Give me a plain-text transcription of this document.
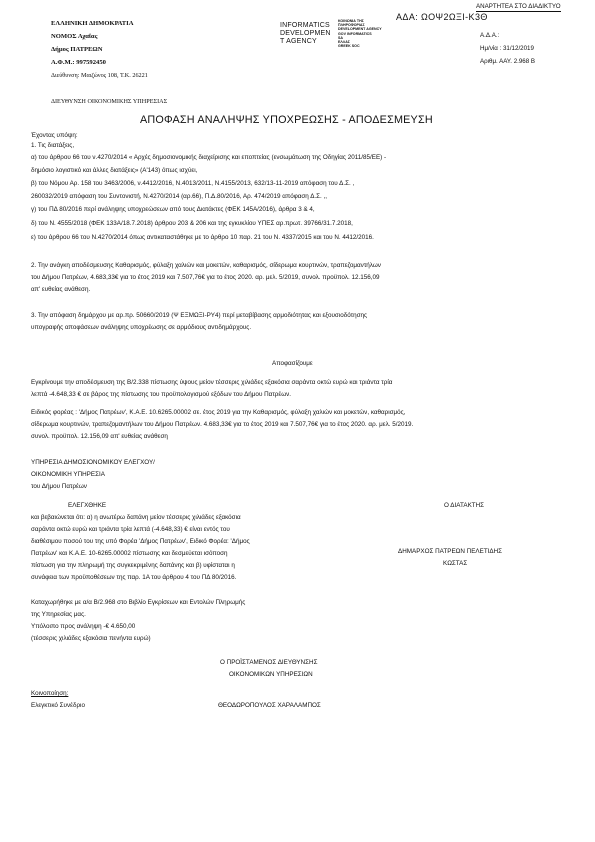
ΑΝΑΡΤΗΤΕΑ ΣΤΟ ΔΙΑΔΙΚΤΥΟ
ΑΔΑ: ΩΟΨ2ΩΞΙ-Κ3Θ
Α.Δ.Α.:
Ημ/νία : 31/12/2019
Αριθμ. ΑΑΥ. 2.968 Β
ΕΛΛΗΝΙΚΗ ΔΗΜΟΚΡΑΤΙΑ
ΝΟΜΟΣ Αχαΐας
Δήμος ΠΑΤΡΕΩΝ
Α.Φ.Μ.: 997592450
Διεύθυνση: Μαιζώνος 108, Τ.Κ. 26221
ΔΙΕΥΘΥΝΣΗ ΟΙΚΟΝΟΜΙΚΗΣ ΥΠΗΡΕΣΙΑΣ
INFORMATICS
DEVELOPMEN
T AGENCY
ΚΟΙΝΩΝΙΑ ΤΗΣ
ΠΛΗΡΟΦΟΡΙΑΣ
DEVELOPMENT AGENCY
GOV INFORMATICS
SA
ΕΛΛΑΣ
GREEK SOC
ΑΠΟΦΑΣΗ ΑΝΑΛΗΨΗΣ ΥΠΟΧΡΕΩΣΗΣ - ΑΠΟΔΕΣΜΕΥΣΗ
Έχοντας υπόψη:
1. Τις διατάξεις,
α) του άρθρου 66 του ν.4270/2014 « Αρχές δημοσιονομικής διαχείρισης και εποπτείας (ενσωμάτωση της Οδηγίας 2011/85/ΕΕ) -
δημόσιο λογιστικό και άλλες διατάξεις» (Α'143) όπως ισχύει,
β) του Νόμου Αρ. 158 του 3463/2006, ν.4412/2016, Ν.4013/2011, Ν.4155/2013, 632/13-11-2019 απόφαση του Δ.Σ. ,
260032/2019 απόφαση του Συντονιστή, Ν.4270/2014 (αρ.66), Π.Δ.80/2016, Αρ. 474/2019 απόφαση Δ.Σ. ,,
γ) του ΠΔ 80/2016 περί ανάληψης υποχρεώσεων από τους Διατάκτες (ΦΕΚ 145Α/2016), άρθρα 3 & 4,
δ) του Ν. 4555/2018 (ΦΕΚ 133Α/18.7.2018) άρθρου 203 & 206 και της εγκυκλίου ΥΠΕΣ αρ.πρωτ. 39766/31.7.2018,
ε) του άρθρου 66 του Ν.4270/2014 όπως αντικαταστάθηκε με το άρθρο 10 παρ. 21 του Ν. 4337/2015 και του Ν. 4412/2016.
2. Την ανάγκη αποδέσμευσης Καθαρισμός, φύλαξη χαλιών και μοκετών, καθαρισμός, σίδερωμα κουρτινών, τραπεζομαντήλων
του Δήμου Πατρέων, 4.683,33€ για το έτος 2019 και 7.507,76€ για το έτος 2020. αρ. μελ. 5/2019, συνολ. προϋπολ. 12.156,09
απ' ευθείας ανάθεση.
3. Την απόφαση δημάρχου με αρ.πρ. 50660/2019 (Ψ ΕΞΜΩΞΙ-ΡΥ4) περί μεταβίβασης αρμοδιότητας και εξουσιοδότησης
υπογραφής αποφάσεων ανάληψης υποχρέωσης σε αρμόδιους αντιδημάρχους.
Αποφασίζουμε
Εγκρίνουμε την αποδέσμευση της Β/2.338 πίστωσης ύψους μείον τέσσερις χιλιάδες εξακόσια σαράντα οκτώ ευρώ και τριάντα τρία
λεπτά -4.648,33 € σε βάρος της πίστωσης του προϋπολογισμού εξόδων του Δήμου Πατρέων.
Ειδικός φορέας : 'Δήμος Πατρέων', Κ.Α.Ε. 10.6265.00002 σε. έτος 2019 για την Καθαρισμός, φύλαξη χαλιών και μοκετών, καθαρισμός,
σίδερωμα κουρτινών, τραπεζομαντήλων του Δήμου Πατρέων. 4.683,33€ για το έτος 2019 και 7.507,76€ για το έτος 2020. αρ. μελ. 5/2019.
συνολ. προϋπολ. 12.156,09 απ' ευθείας ανάθεση
ΥΠΗΡΕΣΙΑ ΔΗΜΟΣΙΟΝΟΜΙΚΟΥ ΕΛΕΓΧΟΥ/
ΟΙΚΟΝΟΜΙΚΗ ΥΠΗΡΕΣΙΑ
του Δήμου Πατρέων
ΕΛΕΓΧΘΗΚΕ	Ο ΔΙΑΤΑΚΤΗΣ
και βεβαιώνεται ότι: α) η ανωτέρω δαπάνη μείον τέσσερις χιλιάδες εξακόσια
σαράντα οκτώ ευρώ και τριάντα τρία λεπτά (-4.648,33) € είναι εντός του
διαθέσιμου ποσού του της υπό Φορέα 'Δήμος Πατρέων', Ειδικό Φορέα: 'Δήμος
Πατρέων' και Κ.Α.Ε. 10-6265.00002 πίστωσης και δεσμεύεται ισόποση
πίστωση για την πληρωμή της συγκεκριμένης δαπάνης και β) υφίσταται η
συνάφεια των προϋποθέσεων της παρ. 1Α του άρθρου 4 του ΠΔ 80/2016.
ΔΗΜΑΡΧΟΣ ΠΑΤΡΕΩΝ ΠΕΛΕΤΙΔΗΣ
ΚΩΣΤΑΣ
Καταχωρήθηκε με α/α Β/2.968 στο Βιβλίο Εγκρίσεων και Εντολών Πληρωμής
της Υπηρεσίας μας.
Υπόλοιπο προς ανάληψη -€ 4.650,00
(τέσσερις χιλιάδες εξακόσια πενήντα ευρώ)
Ο ΠΡΟΪΣΤΑΜΕΝΟΣ ΔΙΕΥΘΥΝΣΗΣ
ΟΙΚΟΝΟΜΙΚΩΝ ΥΠΗΡΕΣΙΩΝ
Κοινοποίηση:
Ελεγκτικό Συνέδριο	ΘΕΟΔΩΡΟΠΟΥΛΟΣ ΧΑΡΑΛΑΜΠΟΣ
